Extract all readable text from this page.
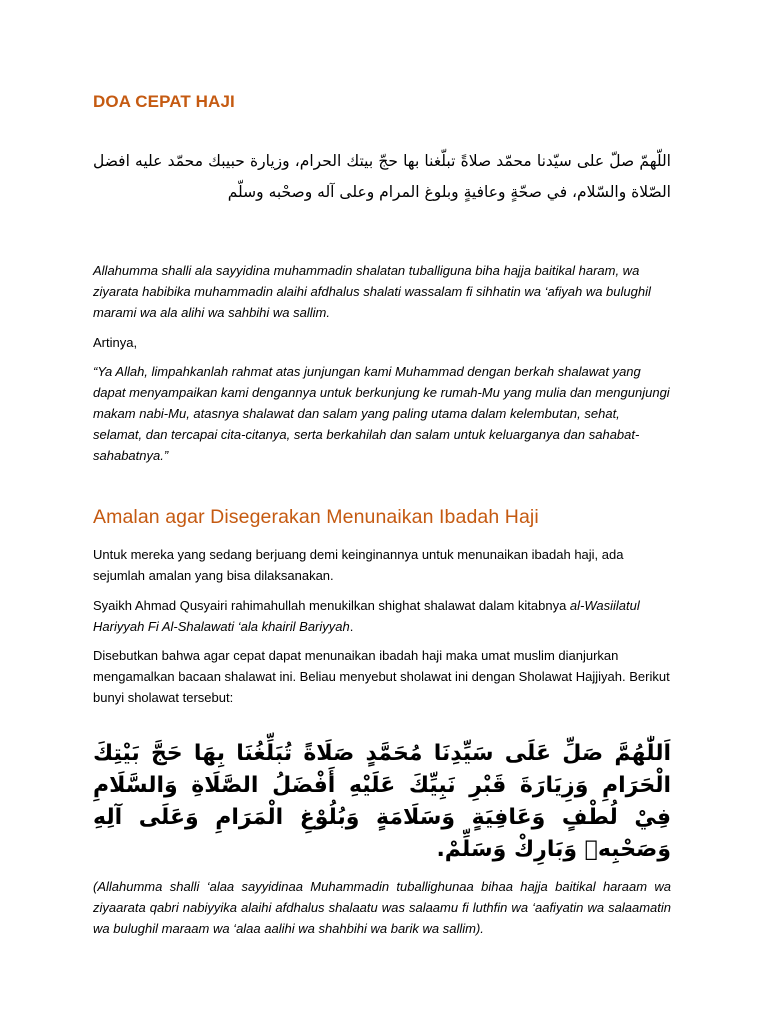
DOA CEPAT HAJI
اللّهمّ صلّ على سيّدنا محمّد صلاةً تبلّغنا بها حجّ بيتك الحرام، وزيارة حبيبك محمّد عليه افضل الصّلاة والسّلام، في صحّةٍ وعافيةٍ وبلوغ المرام وعلى آله وصحْبه وسلّم
Allahumma shalli ala sayyidina muhammadin shalatan tuballiguna biha hajja baitikal haram, wa ziyarata habibika muhammadin alaihi afdhalus shalati wassalam fi sihhatin wa ‘afiyah wa bulughil marami wa ala alihi wa sahbihi wa sallim.
Artinya,
“Ya Allah, limpahkanlah rahmat atas junjungan kami Muhammad dengan berkah shalawat yang dapat menyampaikan kami dengannya untuk berkunjung ke rumah-Mu yang mulia dan mengunjungi makam nabi-Mu, atasnya shalawat dan salam yang paling utama dalam kelembutan, sehat, selamat, dan tercapai cita-citanya, serta berkahilah dan salam untuk keluarganya dan sahabat-sahabatnya.”
Amalan agar Disegerakan Menunaikan Ibadah Haji
Untuk mereka yang sedang berjuang demi keinginannya untuk menunaikan ibadah haji, ada sejumlah amalan yang bisa dilaksanakan.
Syaikh Ahmad Qusyairi rahimahullah menukilkan shighat shalawat dalam kitabnya al-Wasiilatul Hariyyah Fi Al-Shalawati ‘ala khairil Bariyyah.
Disebutkan bahwa agar cepat dapat menunaikan ibadah haji maka umat muslim dianjurkan mengamalkan bacaan shalawat ini. Beliau menyebut sholawat ini dengan Sholawat Hajjiyah. Berikut bunyi sholawat tersebut:
اَللّٰهُمَّ صَلِّ عَلَى سَيِّدِنَا مُحَمَّدٍ صَلَاةً تُبَلِّغُنَا بِهَا حَجَّ بَيْتِكَ الْحَرَامِ وَزِيَارَةَ قَبْرِ نَبِيِّكَ عَلَيْهِ أَفْضَلُ الصَّلَاةِ وَالسَّلَامِ فِيْ لُطْفٍ وَعَافِيَةٍ وَسَلَامَةٍ وَبُلُوْغِ الْمَرَامِ وَعَلَى آلِهِ وَصَحْبِهٖ وَبَارِكْ وَسَلِّمْ.
(Allahumma shalli ‘alaa sayyidinaa Muhammadin tuballighunaa bihaa hajja baitikal haraam wa ziyaarata qabri nabiyyika alaihi afdhalus shalaatu was salaamu fi luthfin wa ‘aafiyatin wa salaamatin wa bulughil maraam wa ‘alaa aalihi wa shahbihi wa barik wa sallim).
